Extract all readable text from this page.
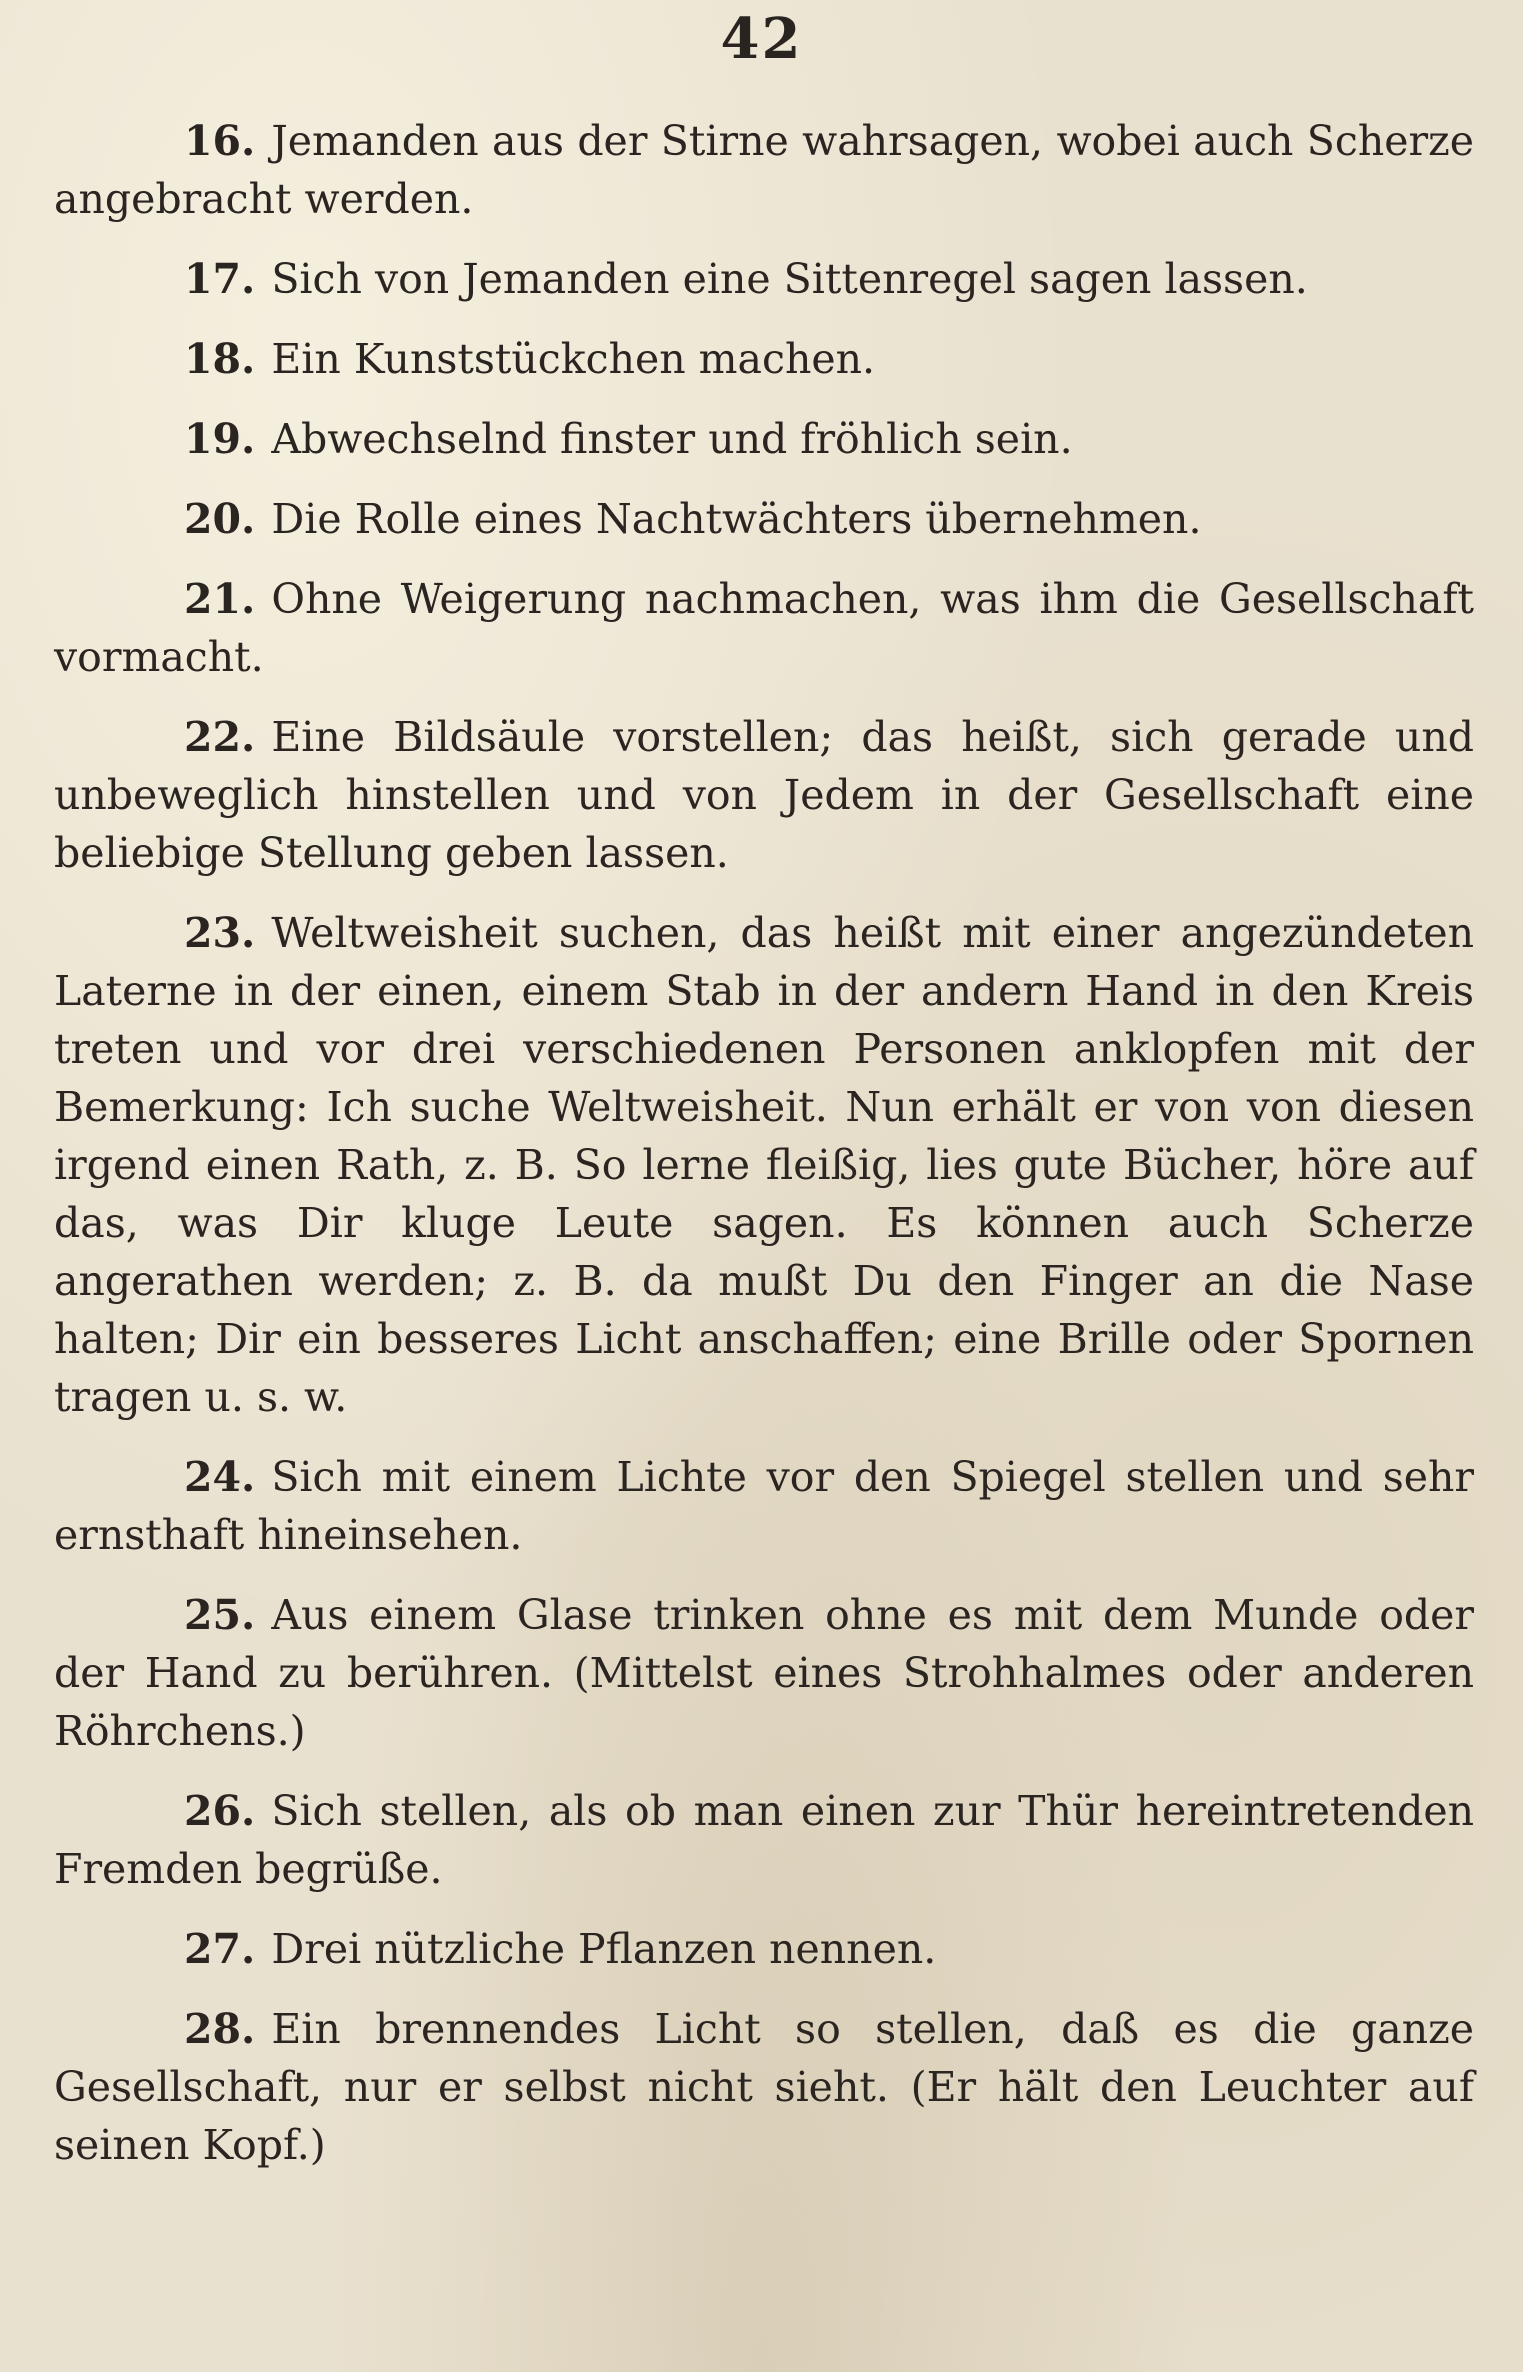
42

16. Jemanden aus der Stirne wahrsagen, wobei auch Scherze angebracht werden.

17. Sich von Jemanden eine Sittenregel sagen lassen.

18. Ein Kunststückchen machen.

19. Abwechselnd finster und fröhlich sein.

20. Die Rolle eines Nachtwächters übernehmen.

21. Ohne Weigerung nachmachen, was ihm die Gesellschaft vormacht.

22. Eine Bildsäule vorstellen; das heißt, sich gerade und unbeweglich hinstellen und von Jedem in der Gesellschaft eine beliebige Stellung geben lassen.

23. Weltweisheit suchen, das heißt mit einer angezündeten Laterne in der einen, einem Stab in der andern Hand in den Kreis treten und vor drei verschiedenen Personen anklopfen mit der Bemerkung: Ich suche Weltweisheit. Nun erhält er von von diesen irgend einen Rath, z. B. So lerne fleißig, lies gute Bücher, höre auf das, was Dir kluge Leute sagen. Es können auch Scherze angerathen werden; z. B. da mußt Du den Finger an die Nase halten; Dir ein besseres Licht anschaffen; eine Brille oder Spornen tragen u. s. w.

24. Sich mit einem Lichte vor den Spiegel stellen und sehr ernsthaft hineinsehen.

25. Aus einem Glase trinken ohne es mit dem Munde oder der Hand zu berühren. (Mittelst eines Strohhalmes oder anderen Röhrchens.)

26. Sich stellen, als ob man einen zur Thür hereintretenden Fremden begrüße.

27. Drei nützliche Pflanzen nennen.

28. Ein brennendes Licht so stellen, daß es die ganze Gesellschaft, nur er selbst nicht sieht. (Er hält den Leuchter auf seinen Kopf.)
